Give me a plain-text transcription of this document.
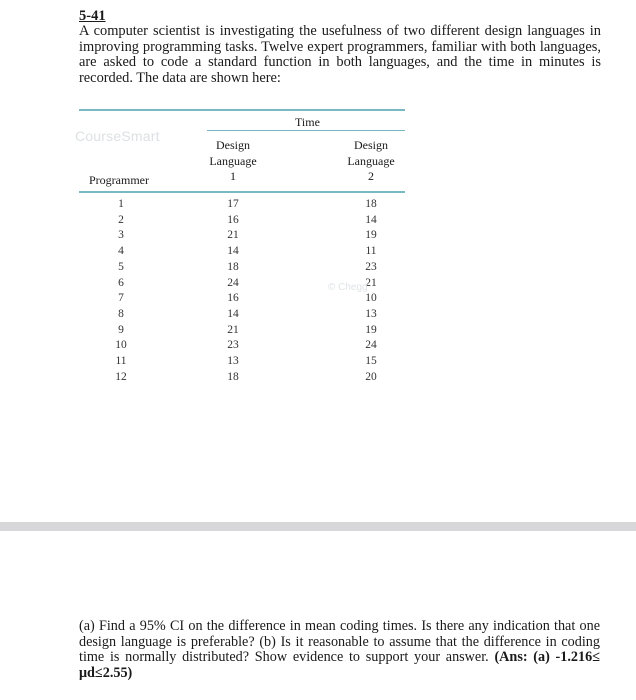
5-41

A computer scientist is investigating the usefulness of two different design languages in improving programming tasks. Twelve expert programmers, familiar with both languages, are asked to code a standard function in both languages, and the time in minutes is recorded. The data are shown here:

CourseSmart
Time
Design
Language
1
Design
Language
2
Programmer
1	17	18
2	16	14
3	21	19
4	14	11
5	18	23
6	24	21
7	16	10
8	14	13
9	21	19
10	23	24
11	13	15
12	18	20
© Chegg

(a) Find a 95% CI on the difference in mean coding times. Is there any indication that one design language is preferable? (b) Is it reasonable to assume that the difference in coding time is normally distributed? Show evidence to support your answer. (Ans: (a) -1.216≤ μd≤2.55)
